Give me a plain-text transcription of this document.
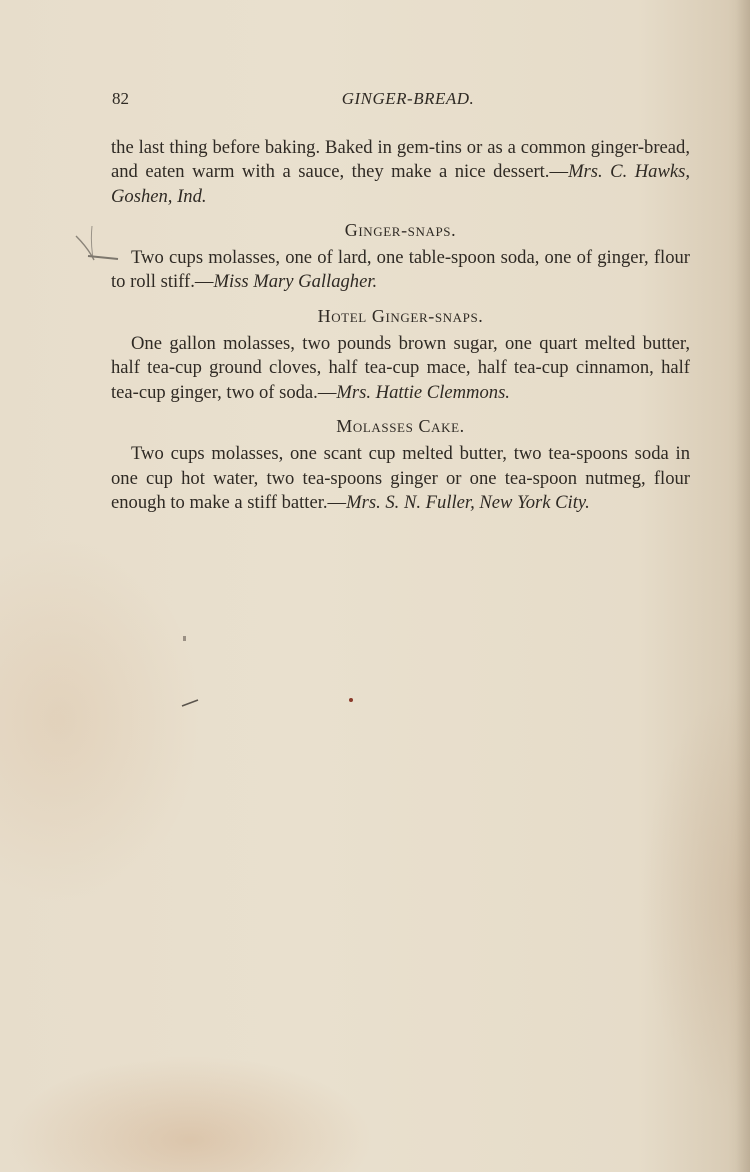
82	GINGER-BREAD.

the last thing before baking. Baked in gem-tins or as a common ginger-bread, and eaten warm with a sauce, they make a nice dessert.—Mrs. C. Hawks, Goshen, Ind.

Ginger-snaps.

Two cups molasses, one of lard, one table-spoon soda, one of ginger, flour to roll stiff.—Miss Mary Gallagher.

Hotel Ginger-snaps.

One gallon molasses, two pounds brown sugar, one quart melted butter, half tea-cup ground cloves, half tea-cup mace, half tea-cup cinnamon, half tea-cup ginger, two of soda.—Mrs. Hattie Clemmons.

Molasses Cake.

Two cups molasses, one scant cup melted butter, two tea-spoons soda in one cup hot water, two tea-spoons ginger or one tea-spoon nutmeg, flour enough to make a stiff batter.—Mrs. S. N. Fuller, New York City.
